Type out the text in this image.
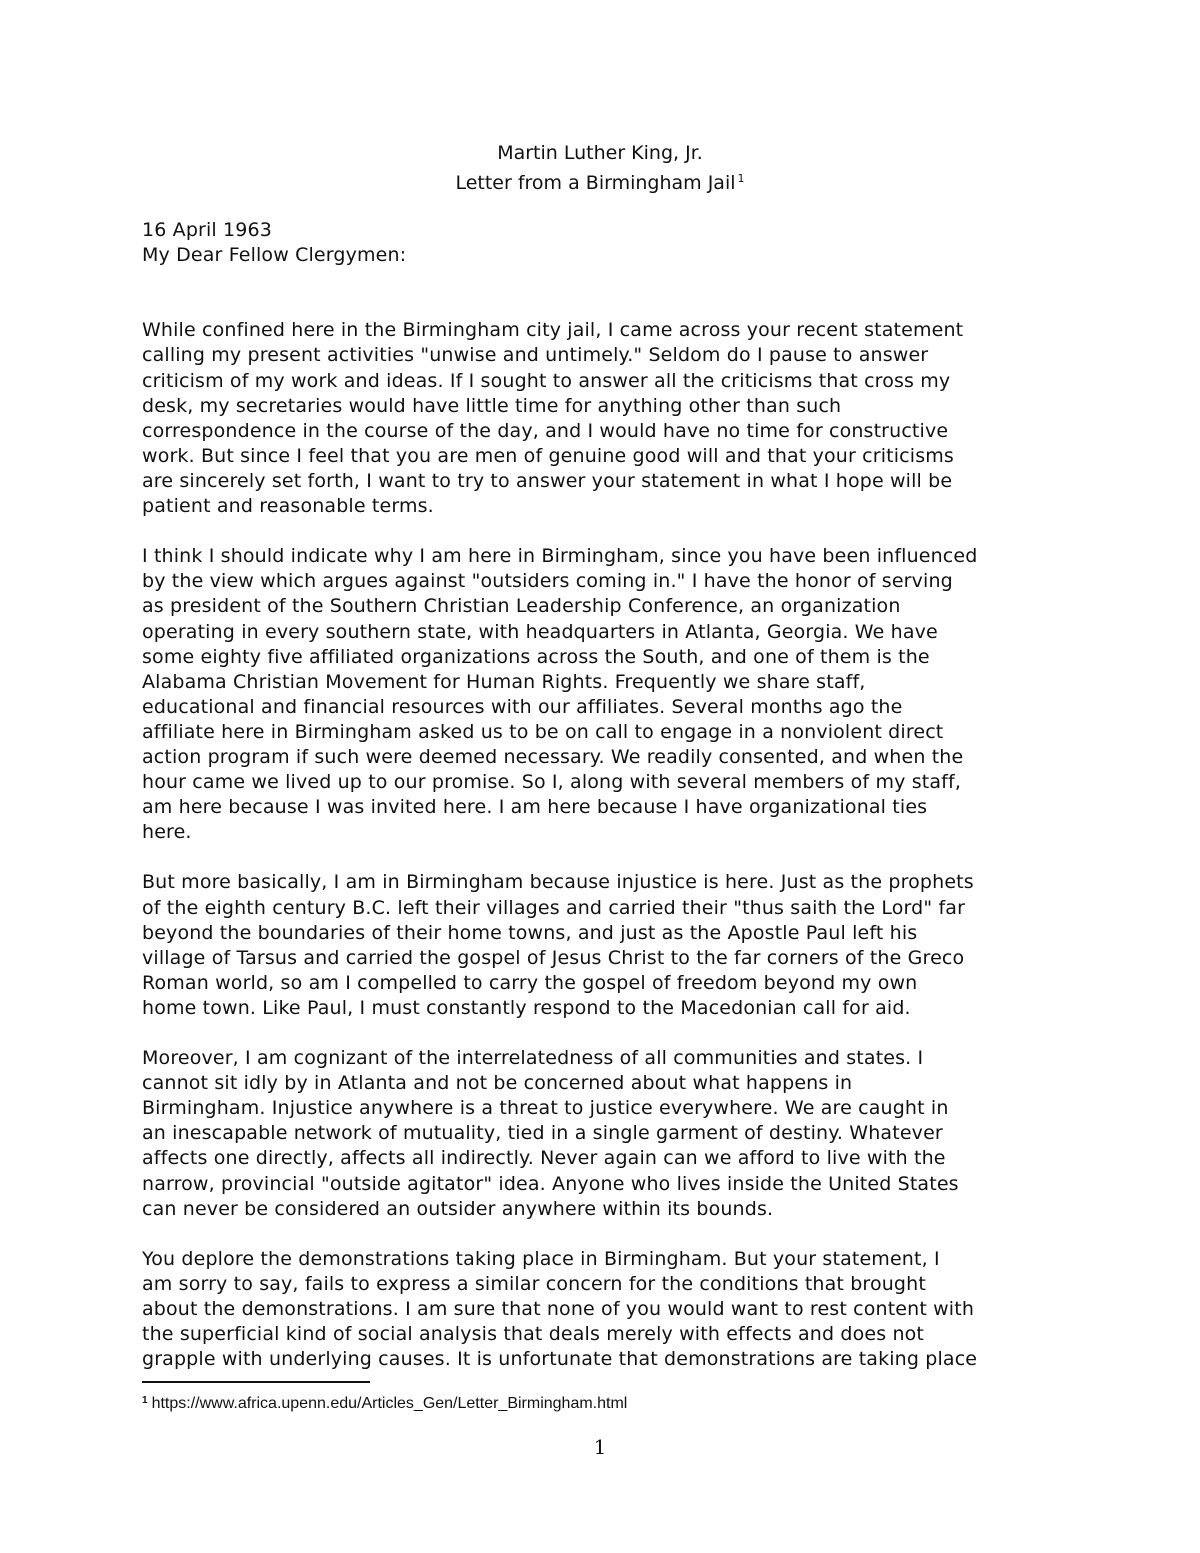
Martin Luther King, Jr.
Letter from a Birmingham Jail $^1$

16 April 1963

My Dear Fellow Clergymen:

While confined here in the Birmingham city jail, I came across your recent statement
calling my present activities "unwise and untimely." Seldom do I pause to answer
criticism of my work and ideas. If I sought to answer all the criticisms that cross my
desk, my secretaries would have little time for anything other than such
correspondence in the course of the day, and I would have no time for constructive
work. But since I feel that you are men of genuine good will and that your criticisms
are sincerely set forth, I want to try to answer your statement in what I hope will be
patient and reasonable terms.
I think I should indicate why I am here in Birmingham, since you have been influenced
by the view which argues against "outsiders coming in." I have the honor of serving
as president of the Southern Christian Leadership Conference, an organization
operating in every southern state, with headquarters in Atlanta, Georgia. We have
some eighty five affiliated organizations across the South, and one of them is the
Alabama Christian Movement for Human Rights. Frequently we share staff,
educational and financial resources with our affiliates. Several months ago the
affiliate here in Birmingham asked us to be on call to engage in a nonviolent direct
action program if such were deemed necessary. We readily consented, and when the
hour came we lived up to our promise. So I, along with several members of my staff,
am here because I was invited here. I am here because I have organizational ties
here.
But more basically, I am in Birmingham because injustice is here. Just as the prophets
of the eighth century B.C. left their villages and carried their "thus saith the Lord" far
beyond the boundaries of their home towns, and just as the Apostle Paul left his
village of Tarsus and carried the gospel of Jesus Christ to the far corners of the Greco
Roman world, so am I compelled to carry the gospel of freedom beyond my own
home town. Like Paul, I must constantly respond to the Macedonian call for aid.
Moreover, I am cognizant of the interrelatedness of all communities and states. I
cannot sit idly by in Atlanta and not be concerned about what happens in
Birmingham. Injustice anywhere is a threat to justice everywhere. We are caught in
an inescapable network of mutuality, tied in a single garment of destiny. Whatever
affects one directly, affects all indirectly. Never again can we afford to live with the
narrow, provincial "outside agitator" idea. Anyone who lives inside the United States
can never be considered an outsider anywhere within its bounds.
You deplore the demonstrations taking place in Birmingham. But your statement, I
am sorry to say, fails to express a similar concern for the conditions that brought
about the demonstrations. I am sure that none of you would want to rest content with
the superficial kind of social analysis that deals merely with effects and does not
grapple with underlying causes. It is unfortunate that demonstrations are taking place
$^1$ https://www.africa.upenn.edu/Articles_Gen/Letter_Birmingham.html
1
